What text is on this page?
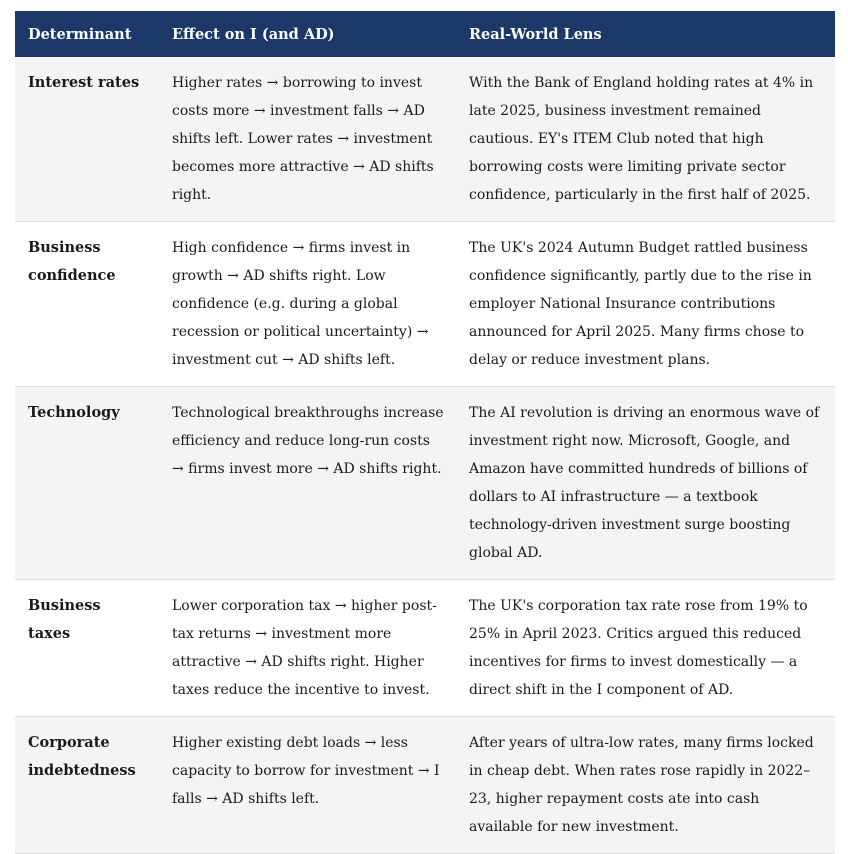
Determinant	Effect on I (and AD)	Real-World Lens
Interest rates	Higher rates → borrowing to invest costs more → investment falls → AD shifts left. Lower rates → investment becomes more attractive → AD shifts right.	With the Bank of England holding rates at 4% in late 2025, business investment remained cautious. EY's ITEM Club noted that high borrowing costs were limiting private sector confidence, particularly in the first half of 2025.
Business confidence	High confidence → firms invest in growth → AD shifts right. Low confidence (e.g. during a global recession or political uncertainty) → investment cut → AD shifts left.	The UK's 2024 Autumn Budget rattled business confidence significantly, partly due to the rise in employer National Insurance contributions announced for April 2025. Many firms chose to delay or reduce investment plans.
Technology	Technological breakthroughs increase efficiency and reduce long-run costs → firms invest more → AD shifts right.	The AI revolution is driving an enormous wave of investment right now. Microsoft, Google, and Amazon have committed hundreds of billions of dollars to AI infrastructure — a textbook technology-driven investment surge boosting global AD.
Business taxes	Lower corporation tax → higher post-tax returns → investment more attractive → AD shifts right. Higher taxes reduce the incentive to invest.	The UK's corporation tax rate rose from 19% to 25% in April 2023. Critics argued this reduced incentives for firms to invest domestically — a direct shift in the I component of AD.
Corporate indebtedness	Higher existing debt loads → less capacity to borrow for investment → I falls → AD shifts left.	After years of ultra-low rates, many firms locked in cheap debt. When rates rose rapidly in 2022–23, higher repayment costs ate into cash available for new investment.
